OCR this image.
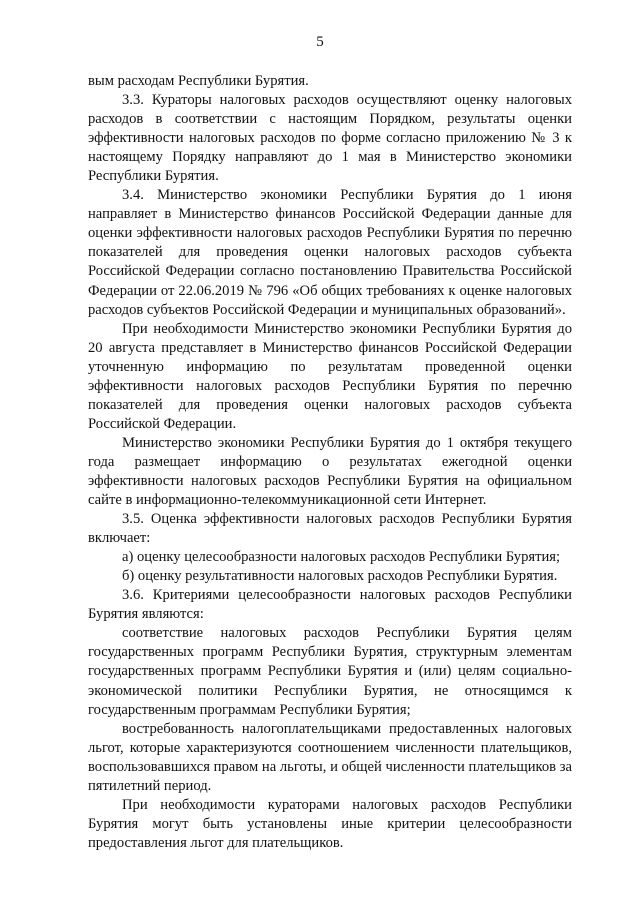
5

вым расходам Республики Бурятия.

3.3. Кураторы налоговых расходов осуществляют оценку налоговых расходов в соответствии с настоящим Порядком, результаты оценки эффективности налоговых расходов по форме согласно приложению № 3 к настоящему Порядку направляют до 1 мая в Министерство экономики Республики Бурятия.

3.4. Министерство экономики Республики Бурятия до 1 июня направляет в Министерство финансов Российской Федерации данные для оценки эффективности налоговых расходов Республики Бурятия по перечню показателей для проведения оценки налоговых расходов субъекта Российской Федерации согласно постановлению Правительства Российской Федерации от 22.06.2019 № 796 «Об общих требованиях к оценке налоговых расходов субъектов Российской Федерации и муниципальных образований».

При необходимости Министерство экономики Республики Бурятия до 20 августа представляет в Министерство финансов Российской Федерации уточненную информацию по результатам проведенной оценки эффективности налоговых расходов Республики Бурятия по перечню показателей для проведения оценки налоговых расходов субъекта Российской Федерации.

Министерство экономики Республики Бурятия до 1 октября текущего года размещает информацию о результатах ежегодной оценки эффективности налоговых расходов Республики Бурятия на официальном сайте в информационно-телекоммуникационной сети Интернет.

3.5. Оценка эффективности налоговых расходов Республики Бурятия включает:

а) оценку целесообразности налоговых расходов Республики Бурятия;

б) оценку результативности налоговых расходов Республики Бурятия.

3.6. Критериями целесообразности налоговых расходов Республики Бурятия являются:

соответствие налоговых расходов Республики Бурятия целям государственных программ Республики Бурятия, структурным элементам государственных программ Республики Бурятия и (или) целям социально-экономической политики Республики Бурятия, не относящимся к государственным программам Республики Бурятия;

востребованность налогоплательщиками предоставленных налоговых льгот, которые характеризуются соотношением численности плательщиков, воспользовавшихся правом на льготы, и общей численности плательщиков за пятилетний период.

При необходимости кураторами налоговых расходов Республики Бурятия могут быть установлены иные критерии целесообразности предоставления льгот для плательщиков.
